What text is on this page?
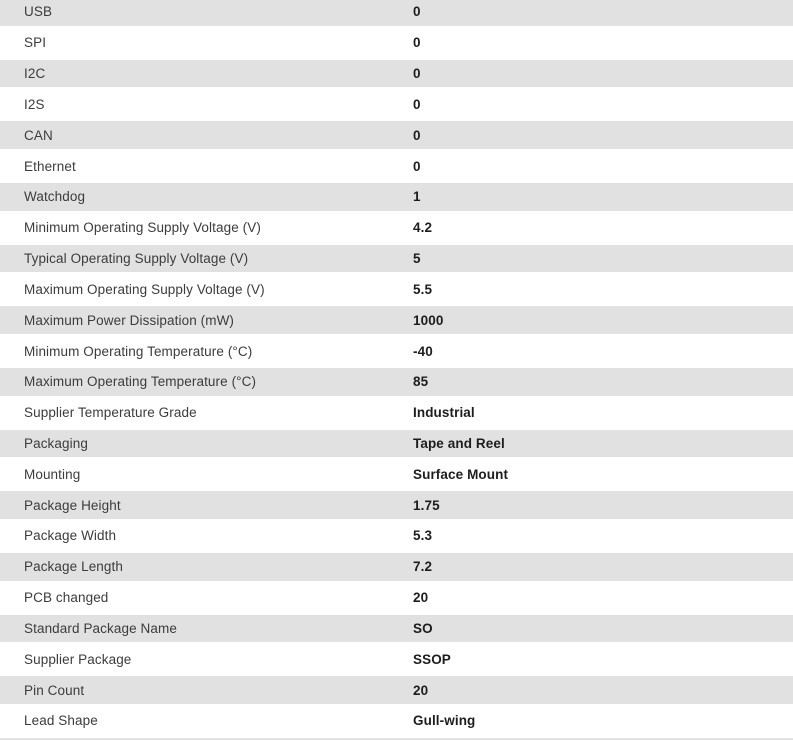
USB	0
SPI	0
I2C	0
I2S	0
CAN	0
Ethernet	0
Watchdog	1
Minimum Operating Supply Voltage (V)	4.2
Typical Operating Supply Voltage (V)	5
Maximum Operating Supply Voltage (V)	5.5
Maximum Power Dissipation (mW)	1000
Minimum Operating Temperature (°C)	-40
Maximum Operating Temperature (°C)	85
Supplier Temperature Grade	Industrial
Packaging	Tape and Reel
Mounting	Surface Mount
Package Height	1.75
Package Width	5.3
Package Length	7.2
PCB changed	20
Standard Package Name	SO
Supplier Package	SSOP
Pin Count	20
Lead Shape	Gull-wing
